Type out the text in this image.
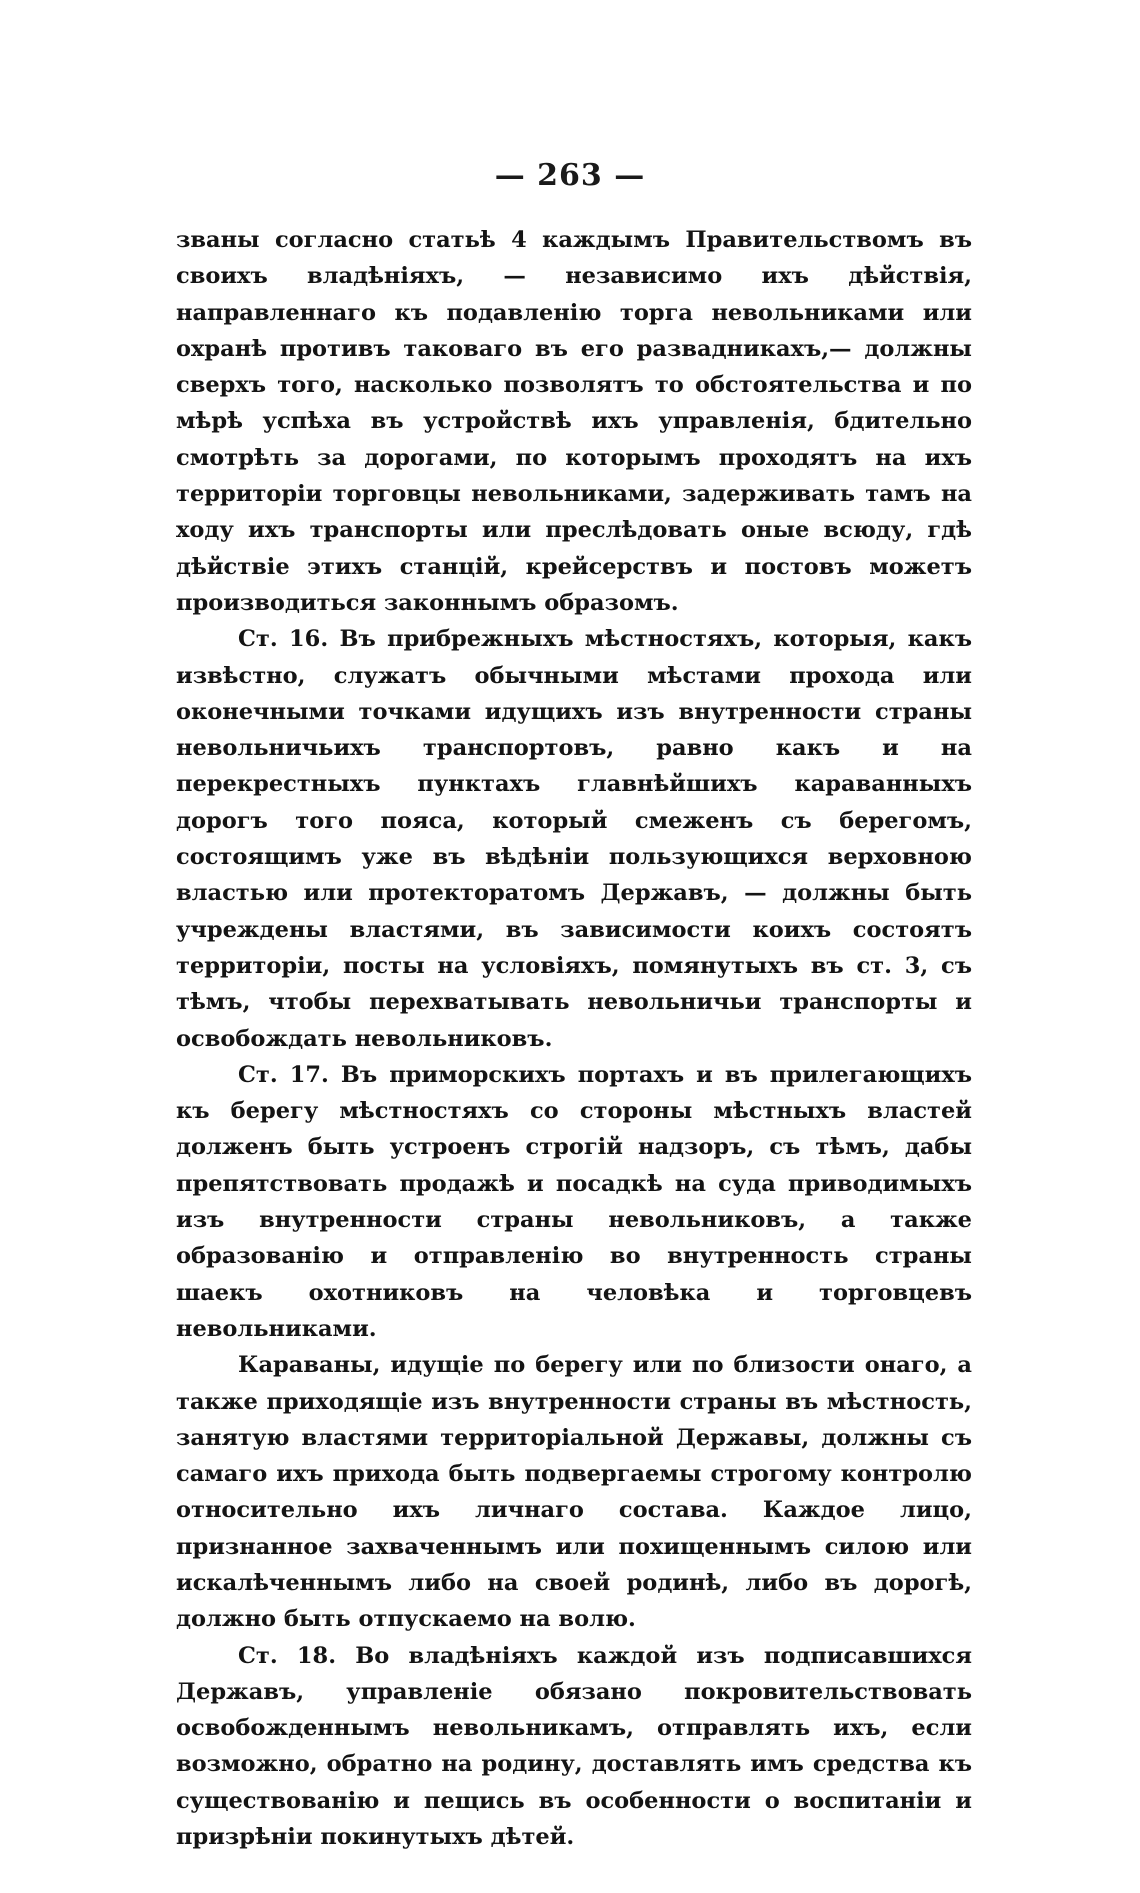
— 263 —

званы согласно статьѣ 4 каждымъ Правительствомъ въ своихъ владѣніяхъ, — независимо ихъ дѣйствія, направленнаго къ подавленію торга невольниками или охранѣ противъ таковаго въ его развадникахъ,— должны сверхъ того, насколько позволятъ то обстоятельства и по мѣрѣ успѣха въ устройствѣ ихъ управленія, бдительно смотрѣть за дорогами, по которымъ проходятъ на ихъ территоріи торговцы невольниками, задерживать тамъ на ходу ихъ транспорты или преслѣдовать оные всюду, гдѣ дѣйствіе этихъ станцій, крейсерствъ и постовъ можетъ производиться законнымъ образомъ.

Ст. 16. Въ прибрежныхъ мѣстностяхъ, которыя, какъ извѣстно, служатъ обычными мѣстами прохода или оконечными точками идущихъ изъ внутренности страны невольничьихъ транспортовъ, равно какъ и на перекрестныхъ пунктахъ главнѣйшихъ караванныхъ дорогъ того пояса, который смеженъ съ берегомъ, состоящимъ уже въ вѣдѣніи пользующихся верховною властью или протекторатомъ Державъ, — должны быть учреждены властями, въ зависимости коихъ состоятъ территоріи, посты на условіяхъ, помянутыхъ въ ст. 3, съ тѣмъ, чтобы перехватывать невольничьи транспорты и освобождать невольниковъ.

Ст. 17. Въ приморскихъ портахъ и въ прилегающихъ къ берегу мѣстностяхъ со стороны мѣстныхъ властей долженъ быть устроенъ строгій надзоръ, съ тѣмъ, дабы препятствовать продажѣ и посадкѣ на суда приводимыхъ изъ внутренности страны невольниковъ, а также образованію и отправленію во внутренность страны шаекъ охотниковъ на человѣка и торговцевъ невольниками.

Караваны, идущіе по берегу или по близости онаго, а также приходящіе изъ внутренности страны въ мѣстность, занятую властями территоріальной Державы, должны съ самаго ихъ прихода быть подвергаемы строгому контролю относительно ихъ личнаго состава. Каждое лицо, признанное захваченнымъ или похищеннымъ силою или искалѣченнымъ либо на своей родинѣ, либо въ дорогѣ, должно быть отпускаемо на волю.

Ст. 18. Во владѣніяхъ каждой изъ подписавшихся Державъ, управленіе обязано покровительствовать освобожденнымъ невольникамъ, отправлять ихъ, если возможно, обратно на родину, доставлять имъ средства къ существованію и пещись въ особенности о воспитаніи и призрѣніи покинутыхъ дѣтей.
